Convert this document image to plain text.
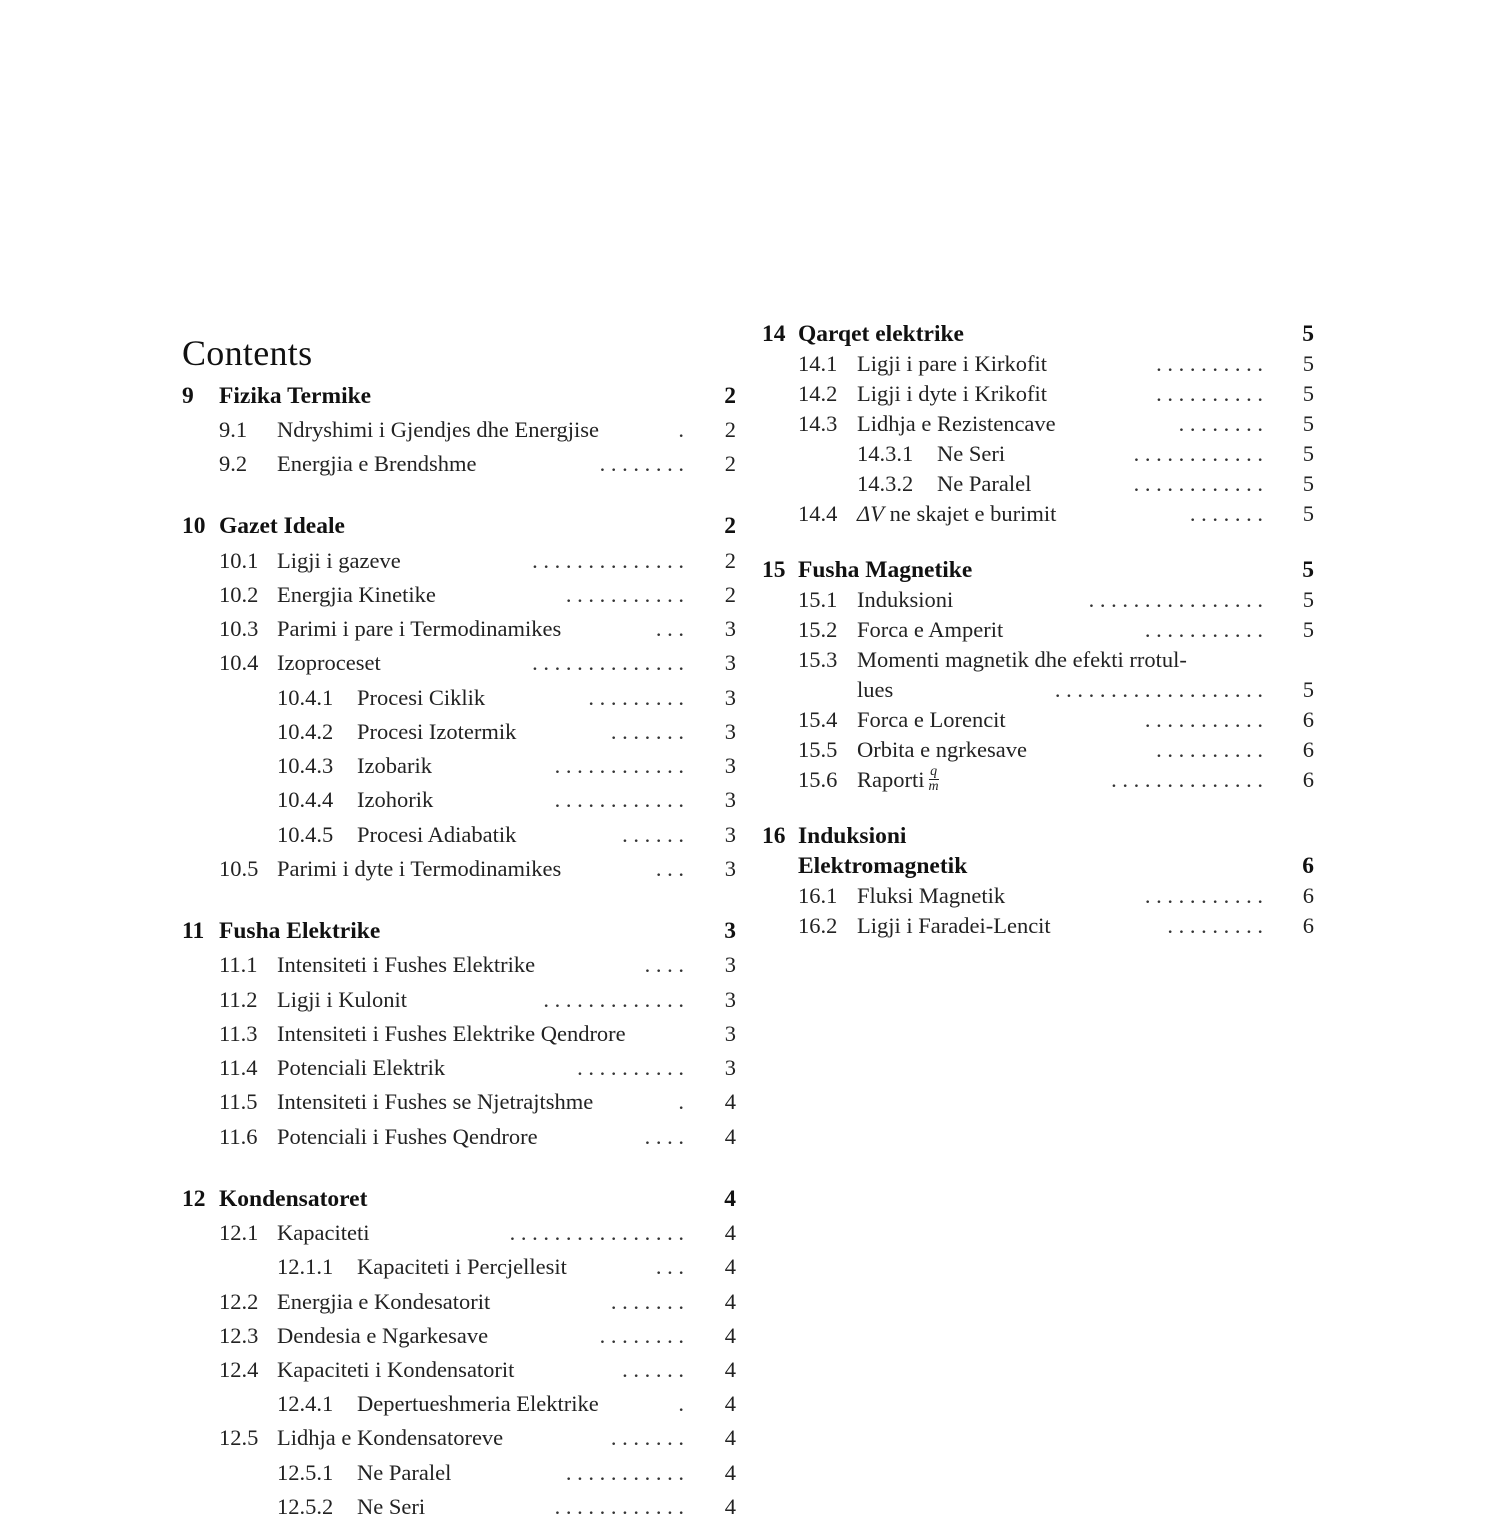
Contents
9 Fizika Termike	2
9.1 Ndryshimi i Gjendjes dhe Energjise	.	2
9.2 Energjia e Brendshme	. . . . . . . .	2
10 Gazet Ideale	2
10.1 Ligji i gazeve	. . . . . . . . . . . . . .	2
10.2 Energjia Kinetike	. . . . . . . . . . .	2
10.3 Parimi i pare i Termodinamikes	. . .	3
10.4 Izoproceset	. . . . . . . . . . . . . .	3
10.4.1 Procesi Ciklik	. . . . . . . . .	3
10.4.2 Procesi Izotermik	. . . . . . .	3
10.4.3 Izobarik	. . . . . . . . . . . .	3
10.4.4 Izohorik	. . . . . . . . . . . .	3
10.4.5 Procesi Adiabatik	. . . . . .	3
10.5 Parimi i dyte i Termodinamikes	. . .	3
11 Fusha Elektrike	3
11.1 Intensiteti i Fushes Elektrike	. . . .	3
11.2 Ligji i Kulonit	. . . . . . . . . . . . .	3
11.3 Intensiteti i Fushes Elektrike Qendrore	3
11.4 Potenciali Elektrik	. . . . . . . . . .	3
11.5 Intensiteti i Fushes se Njetrajtshme	.	4
11.6 Potenciali i Fushes Qendrore	. . . .	4
12 Kondensatoret	4
12.1 Kapaciteti	. . . . . . . . . . . . . . . .	4
12.1.1 Kapaciteti i Percjellesit	. . .	4
12.2 Energjia e Kondesatorit	. . . . . . .	4
12.3 Dendesia e Ngarkesave	. . . . . . . .	4
12.4 Kapaciteti i Kondensatorit	. . . . . .	4
12.4.1 Depertueshmeria Elektrike	.	4
12.5 Lidhja e Kondensatoreve	. . . . . . .	4
12.5.1 Ne Paralel	. . . . . . . . . . .	4
12.5.2 Ne Seri	. . . . . . . . . . . .	4
14 Qarqet elektrike	5
14.1 Ligji i pare i Kirkofit	. . . . . . . . . .	5
14.2 Ligji i dyte i Krikofit	. . . . . . . . . .	5
14.3 Lidhja e Rezistencave	. . . . . . . .	5
14.3.1 Ne Seri	. . . . . . . . . . . .	5
14.3.2 Ne Paralel	. . . . . . . . . . . .	5
14.4 ΔV ne skajet e burimit	. . . . . . .	5
15 Fusha Magnetike	5
15.1 Induksioni	. . . . . . . . . . . . . . . .	5
15.2 Forca e Amperit	. . . . . . . . . . .	5
15.3 Momenti magnetik dhe efekti rrotul-
lues	. . . . . . . . . . . . . . . . . . .	5
15.4 Forca e Lorencit	. . . . . . . . . . .	6
15.5 Orbita e ngrkesave	. . . . . . . . . .	6
15.6 Raporti $\frac{q}{m}$	. . . . . . . . . . . . . .	6
16 Induksioni
Elektromagnetik	6
16.1 Fluksi Magnetik	. . . . . . . . . . .	6
16.2 Ligji i Faradei-Lencit	. . . . . . . . .	6
